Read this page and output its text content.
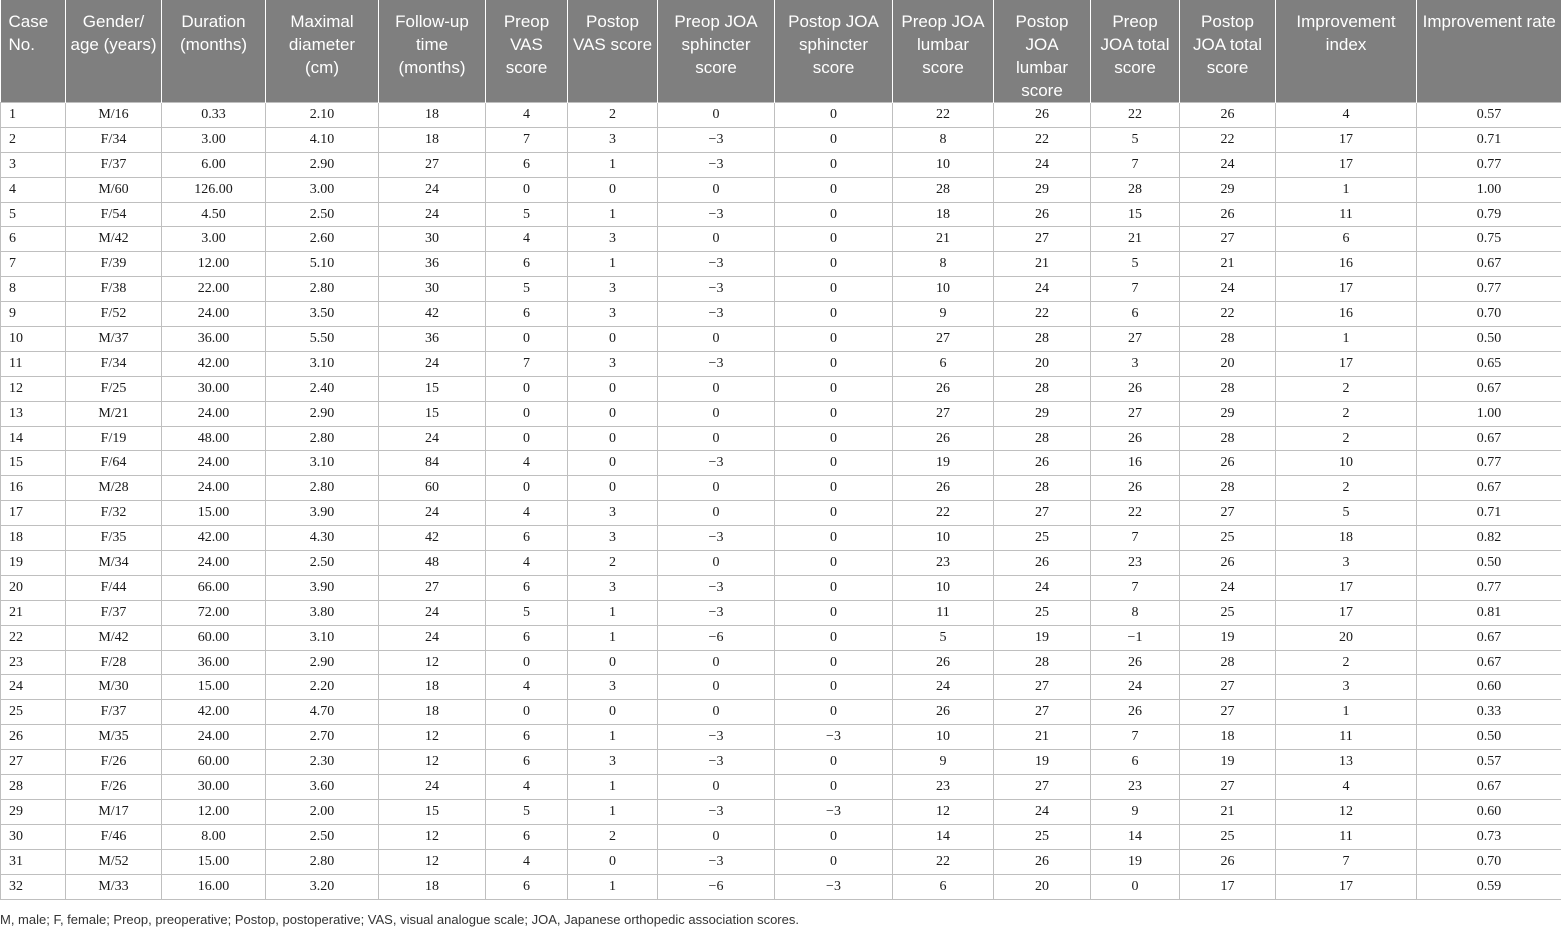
Case No.	Gender/ age (years)	Duration (months)	Maximal diameter (cm)	Follow-up time (months)	Preop VAS score	Postop VAS score	Preop JOA sphincter score	Postop JOA sphincter score	Preop JOA lumbar score	Postop JOA lumbar score	Preop JOA total score	Postop JOA total score	Improvement index	Improvement rate
1	M/16	0.33	2.10	18	4	2	0	0	22	26	22	26	4	0.57
2	F/34	3.00	4.10	18	7	3	−3	0	8	22	5	22	17	0.71
3	F/37	6.00	2.90	27	6	1	−3	0	10	24	7	24	17	0.77
4	M/60	126.00	3.00	24	0	0	0	0	28	29	28	29	1	1.00
5	F/54	4.50	2.50	24	5	1	−3	0	18	26	15	26	11	0.79
6	M/42	3.00	2.60	30	4	3	0	0	21	27	21	27	6	0.75
7	F/39	12.00	5.10	36	6	1	−3	0	8	21	5	21	16	0.67
8	F/38	22.00	2.80	30	5	3	−3	0	10	24	7	24	17	0.77
9	F/52	24.00	3.50	42	6	3	−3	0	9	22	6	22	16	0.70
10	M/37	36.00	5.50	36	0	0	0	0	27	28	27	28	1	0.50
11	F/34	42.00	3.10	24	7	3	−3	0	6	20	3	20	17	0.65
12	F/25	30.00	2.40	15	0	0	0	0	26	28	26	28	2	0.67
13	M/21	24.00	2.90	15	0	0	0	0	27	29	27	29	2	1.00
14	F/19	48.00	2.80	24	0	0	0	0	26	28	26	28	2	0.67
15	F/64	24.00	3.10	84	4	0	−3	0	19	26	16	26	10	0.77
16	M/28	24.00	2.80	60	0	0	0	0	26	28	26	28	2	0.67
17	F/32	15.00	3.90	24	4	3	0	0	22	27	22	27	5	0.71
18	F/35	42.00	4.30	42	6	3	−3	0	10	25	7	25	18	0.82
19	M/34	24.00	2.50	48	4	2	0	0	23	26	23	26	3	0.50
20	F/44	66.00	3.90	27	6	3	−3	0	10	24	7	24	17	0.77
21	F/37	72.00	3.80	24	5	1	−3	0	11	25	8	25	17	0.81
22	M/42	60.00	3.10	24	6	1	−6	0	5	19	−1	19	20	0.67
23	F/28	36.00	2.90	12	0	0	0	0	26	28	26	28	2	0.67
24	M/30	15.00	2.20	18	4	3	0	0	24	27	24	27	3	0.60
25	F/37	42.00	4.70	18	0	0	0	0	26	27	26	27	1	0.33
26	M/35	24.00	2.70	12	6	1	−3	−3	10	21	7	18	11	0.50
27	F/26	60.00	2.30	12	6	3	−3	0	9	19	6	19	13	0.57
28	F/26	30.00	3.60	24	4	1	0	0	23	27	23	27	4	0.67
29	M/17	12.00	2.00	15	5	1	−3	−3	12	24	9	21	12	0.60
30	F/46	8.00	2.50	12	6	2	0	0	14	25	14	25	11	0.73
31	M/52	15.00	2.80	12	4	0	−3	0	22	26	19	26	7	0.70
32	M/33	16.00	3.20	18	6	1	−6	−3	6	20	0	17	17	0.59
M, male; F, female; Preop, preoperative; Postop, postoperative; VAS, visual analogue scale; JOA, Japanese orthopedic association scores.
